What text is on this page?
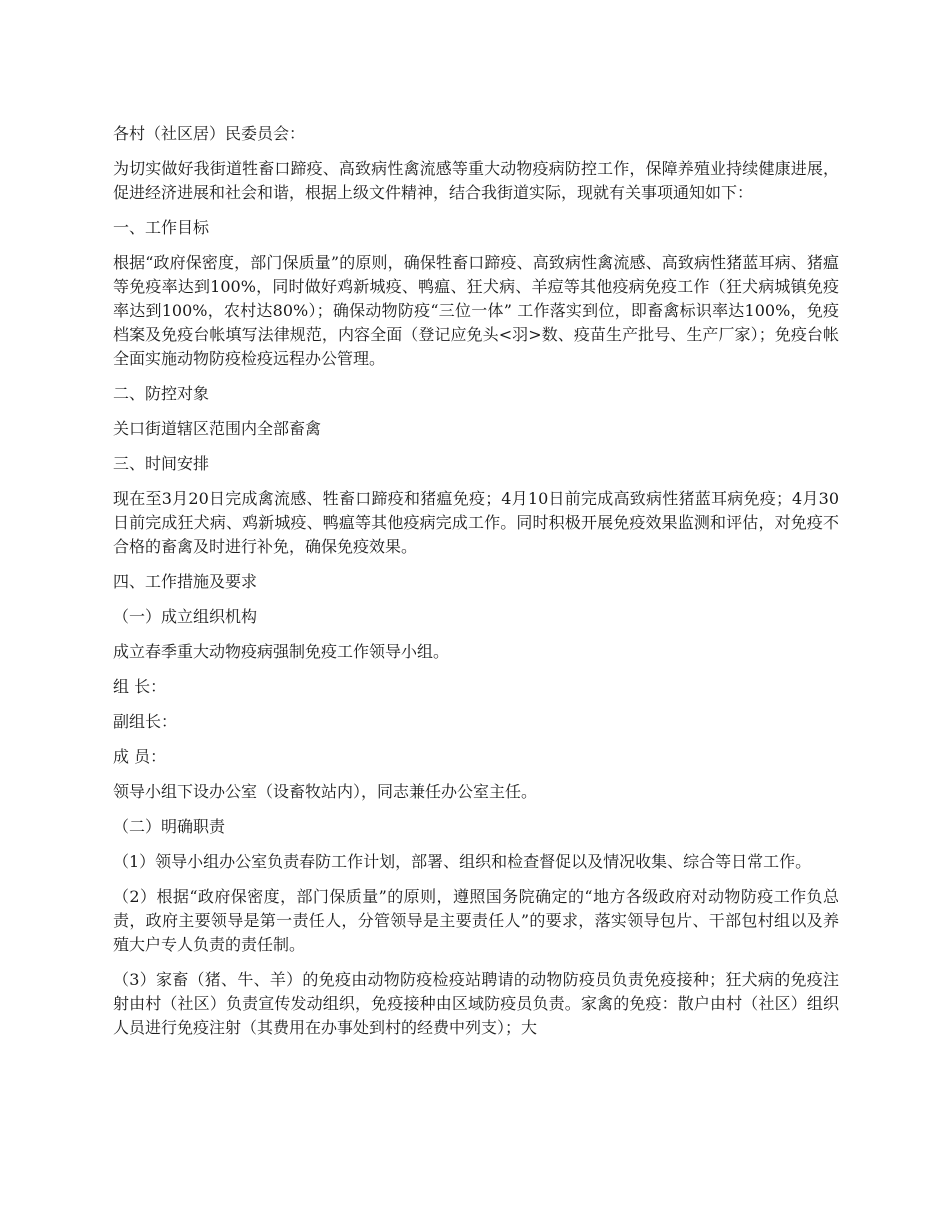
各村（社区居）民委员会：

为切实做好我街道牲畜口蹄疫、高致病性禽流感等重大动物疫病防控工作，保障养殖业持续健康进展，促进经济进展和社会和谐，根据上级文件精神，结合我街道实际，现就有关事项通知如下：

一、工作目标

根据“政府保密度，部门保质量”的原则，确保牲畜口蹄疫、高致病性禽流感、高致病性猪蓝耳病、猪瘟等免疫率达到100%，同时做好鸡新城疫、鸭瘟、狂犬病、羊痘等其他疫病免疫工作（狂犬病城镇免疫率达到100%，农村达80%）；确保动物防疫“三位一体” 工作落实到位，即畜禽标识率达100%，免疫档案及免疫台帐填写法律规范，内容全面（登记应免头<羽>数、疫苗生产批号、生产厂家）；免疫台帐全面实施动物防疫检疫远程办公管理。

二、防控对象

关口街道辖区范围内全部畜禽

三、时间安排

现在至3月20日完成禽流感、牲畜口蹄疫和猪瘟免疫；4月10日前完成高致病性猪蓝耳病免疫；4月30日前完成狂犬病、鸡新城疫、鸭瘟等其他疫病完成工作。同时积极开展免疫效果监测和评估，对免疫不合格的畜禽及时进行补免，确保免疫效果。

四、工作措施及要求

（一）成立组织机构

成立春季重大动物疫病强制免疫工作领导小组。

组 长：

副组长：

成 员：

领导小组下设办公室（设畜牧站内），同志兼任办公室主任。

（二）明确职责

（1）领导小组办公室负责春防工作计划，部署、组织和检查督促以及情况收集、综合等日常工作。

（2）根据“政府保密度，部门保质量”的原则，遵照国务院确定的“地方各级政府对动物防疫工作负总责，政府主要领导是第一责任人，分管领导是主要责任人”的要求，落实领导包片、干部包村组以及养殖大户专人负责的责任制。

（3）家畜（猪、牛、羊）的免疫由动物防疫检疫站聘请的动物防疫员负责免疫接种；狂犬病的免疫注射由村（社区）负责宣传发动组织，免疫接种由区域防疫员负责。家禽的免疫：散户由村（社区）组织人员进行免疫注射（其费用在办事处到村的经费中列支）；大
